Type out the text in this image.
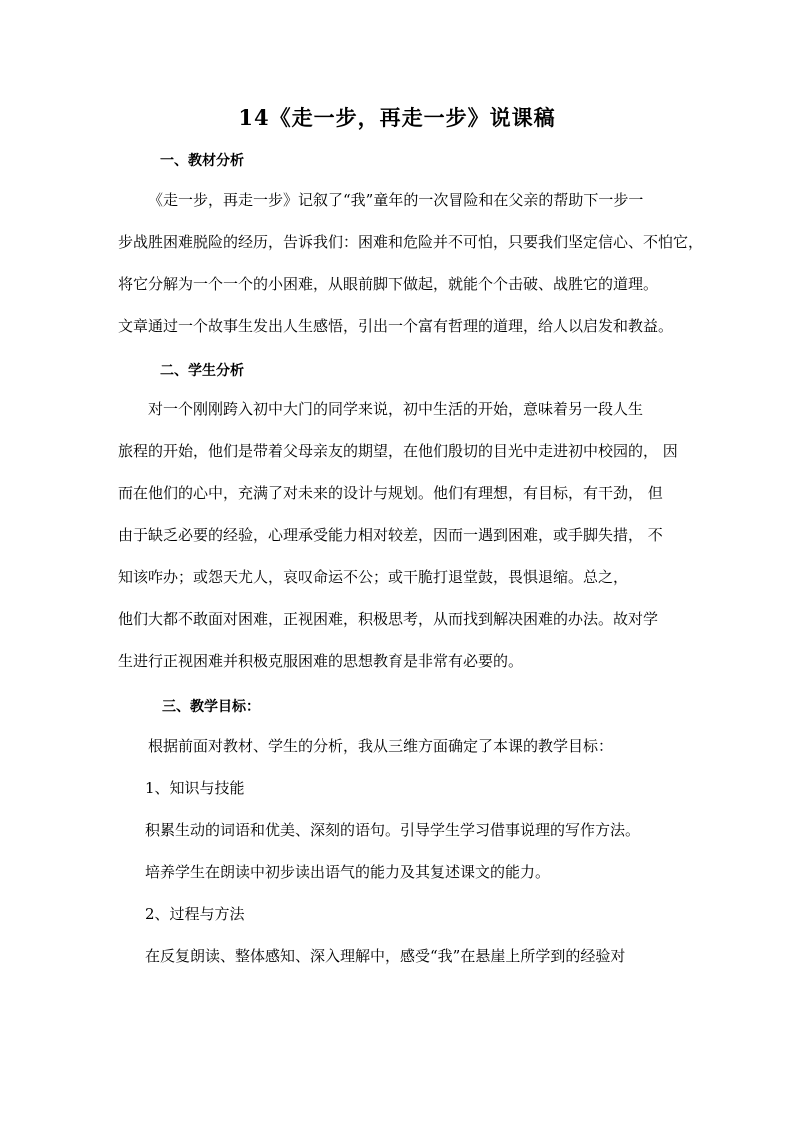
14《走一步，再走一步》说课稿

一、教材分析

《走一步，再走一步》记叙了“我”童年的一次冒险和在父亲的帮助下一步一

步战胜困难脱险的经历，告诉我们：困难和危险并不可怕，只要我们坚定信心、不怕它，

将它分解为一个一个的小困难，从眼前脚下做起，就能个个击破、战胜它的道理。

文章通过一个故事生发出人生感悟，引出一个富有哲理的道理，给人以启发和教益。

二、学生分析

对一个刚刚跨入初中大门的同学来说，初中生活的开始，意味着另一段人生

旅程的开始，他们是带着父母亲友的期望，在他们殷切的目光中走进初中校园的， 因

而在他们的心中，充满了对未来的设计与规划。他们有理想，有目标，有干劲， 但

由于缺乏必要的经验，心理承受能力相对较差，因而一遇到困难，或手脚失措， 不

知该咋办；或怨天尤人，哀叹命运不公；或干脆打退堂鼓，畏惧退缩。总之，

他们大都不敢面对困难，正视困难，积极思考，从而找到解决困难的办法。故对学

生进行正视困难并积极克服困难的思想教育是非常有必要的。

三、教学目标：

根据前面对教材、学生的分析，我从三维方面确定了本课的教学目标：

1、知识与技能

积累生动的词语和优美、深刻的语句。引导学生学习借事说理的写作方法。

培养学生在朗读中初步读出语气的能力及其复述课文的能力。

2、过程与方法

在反复朗读、整体感知、深入理解中，感受“我”在悬崖上所学到的经验对
